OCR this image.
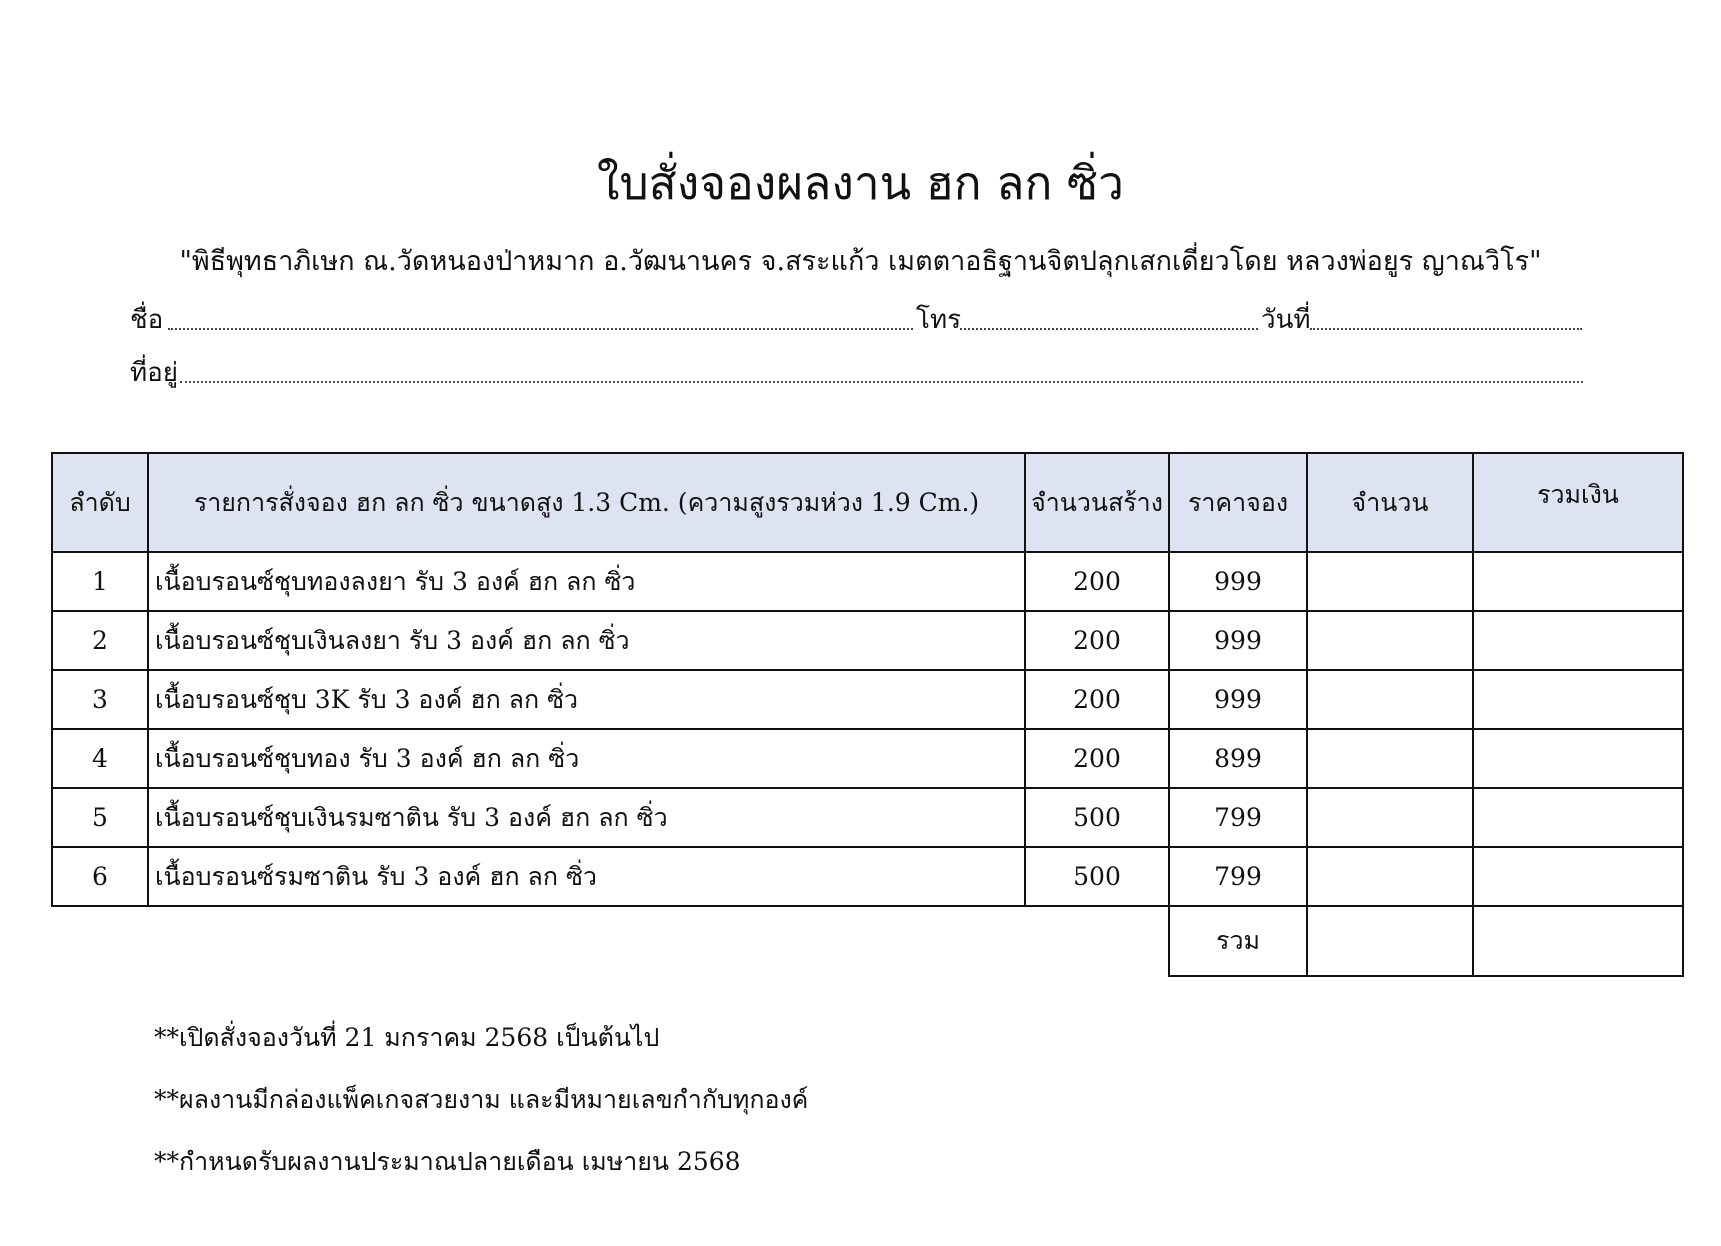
ใบสั่งจองผลงาน ฮก ลก ซิ่ว
"พิธีพุทธาภิเษก ณ.วัดหนองป่าหมาก อ.วัฒนานคร จ.สระแก้ว เมตตาอธิฐานจิตปลุกเสกเดี่ยวโดย หลวงพ่อยูร ญาณวิโร"
ชื่อ	โทร	วันที่
ที่อยู่
ลำดับ	รายการสั่งจอง ฮก ลก ซิ่ว ขนาดสูง 1.3 Cm. (ความสูงรวมห่วง 1.9 Cm.)	จำนวนสร้าง	ราคาจอง	จำนวน	รวมเงิน
1	เนื้อบรอนซ์ชุบทองลงยา รับ 3 องค์ ฮก ลก ซิ่ว	200	999		
2	เนื้อบรอนซ์ชุบเงินลงยา รับ 3 องค์ ฮก ลก ซิ่ว	200	999		
3	เนื้อบรอนซ์ชุบ 3K รับ 3 องค์ ฮก ลก ซิ่ว	200	999		
4	เนื้อบรอนซ์ชุบทอง รับ 3 องค์ ฮก ลก ซิ่ว	200	899		
5	เนื้อบรอนซ์ชุบเงินรมซาติน รับ 3 องค์ ฮก ลก ซิ่ว	500	799		
6	เนื้อบรอนซ์รมซาติน รับ 3 องค์ ฮก ลก ซิ่ว	500	799		
			รวม		
**เปิดสั่งจองวันที่ 21 มกราคม 2568 เป็นต้นไป
**ผลงานมีกล่องแพ็คเกจสวยงาม และมีหมายเลขกำกับทุกองค์
**กำหนดรับผลงานประมาณปลายเดือน เมษายน 2568
